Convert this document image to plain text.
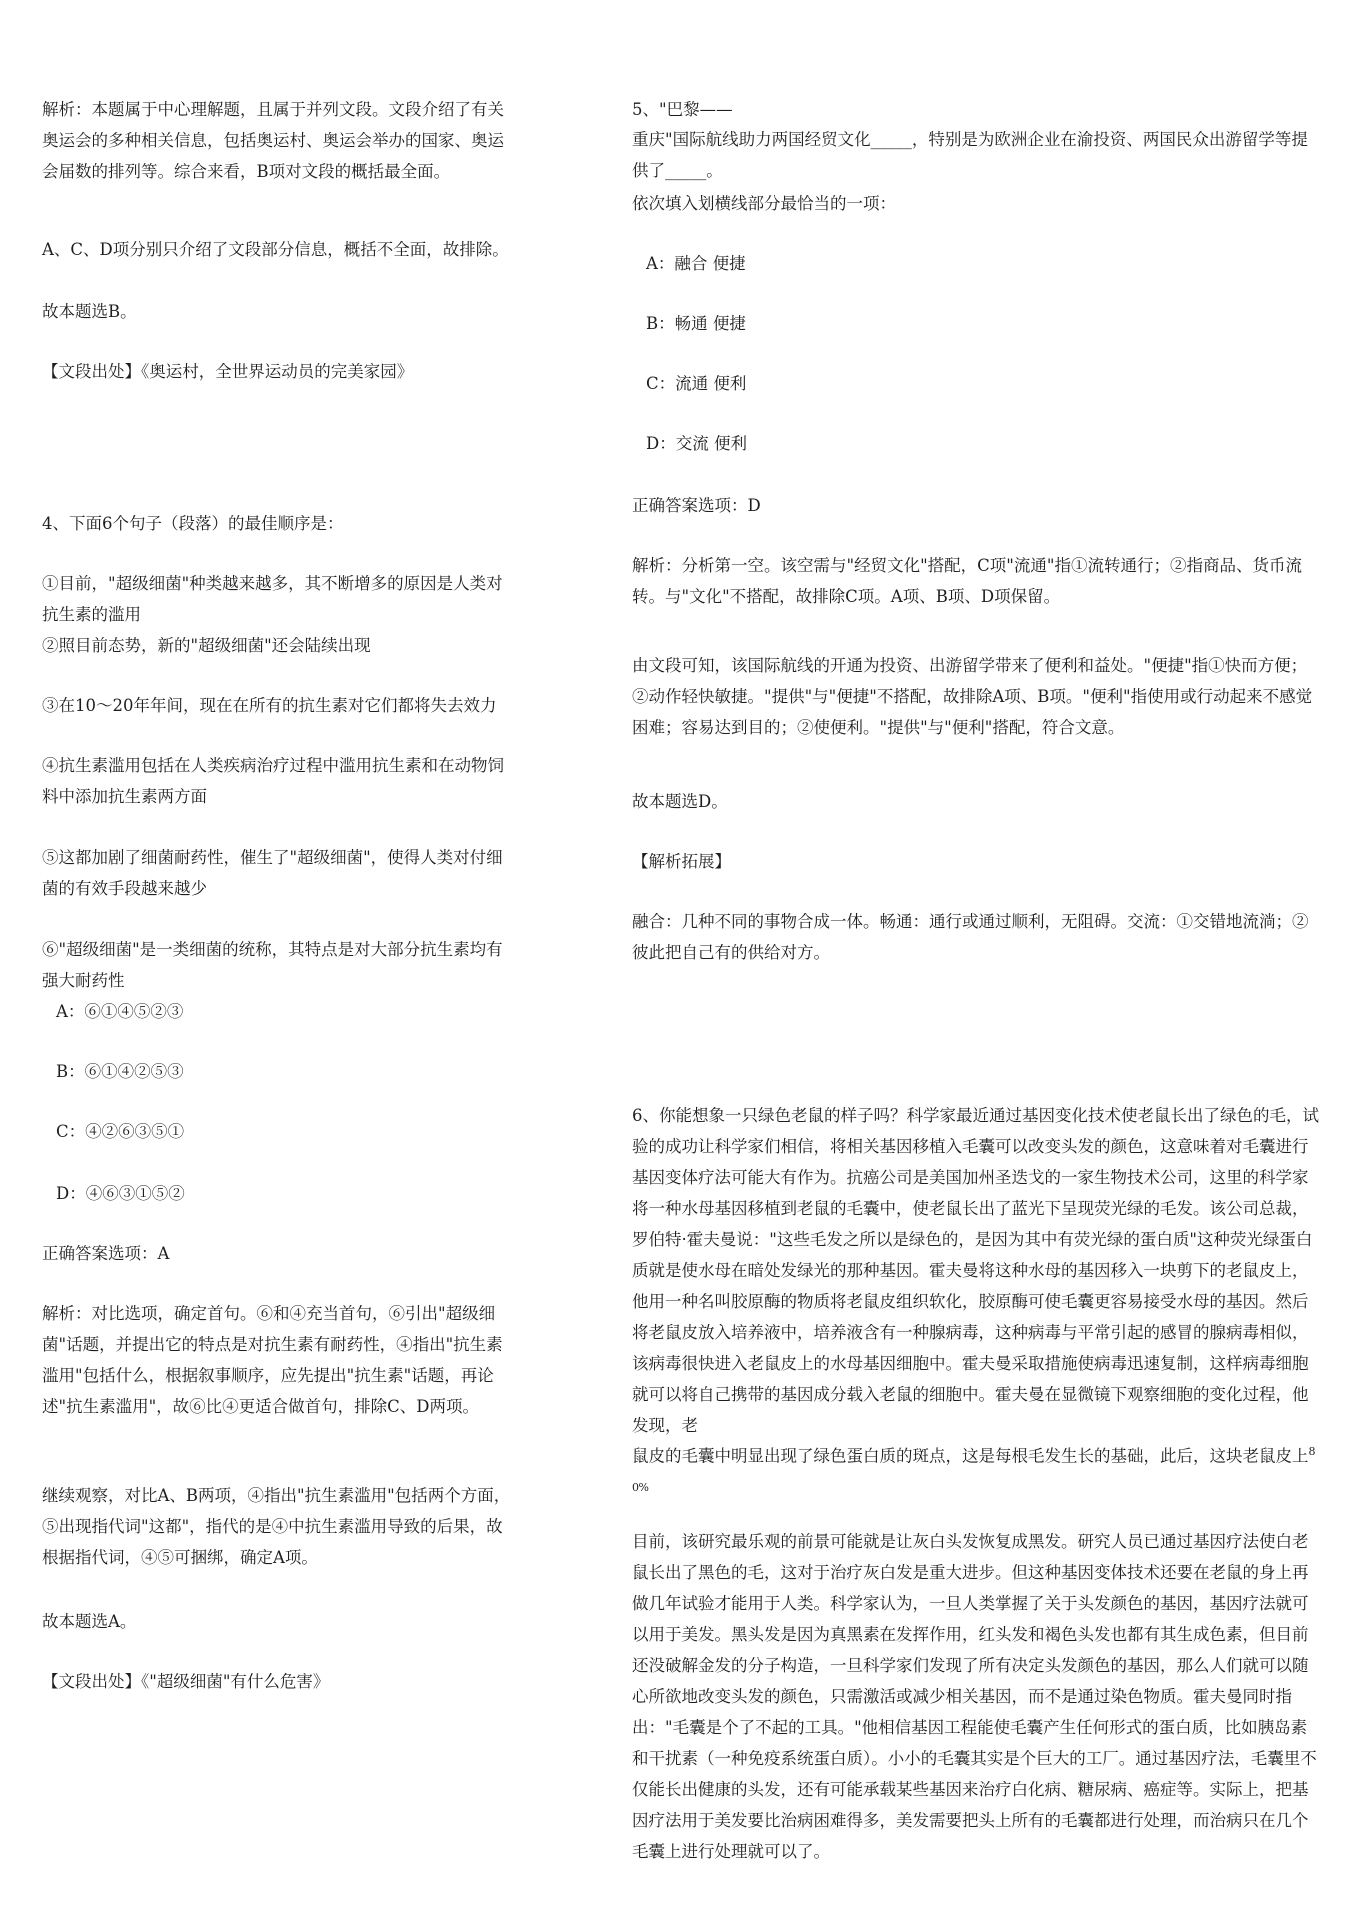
解析：本题属于中心理解题，且属于并列文段。文段介绍了有关奥运会的多种相关信息，包括奥运村、奥运会举办的国家、奥运会届数的排列等。综合来看，B项对文段的概括最全面。
A、C、D项分别只介绍了文段部分信息，概括不全面，故排除。
故本题选B。
【文段出处】《奥运村，全世界运动员的完美家园》
4、下面6个句子（段落）的最佳顺序是：
①目前，"超级细菌"种类越来越多，其不断增多的原因是人类对抗生素的滥用
②照目前态势，新的"超级细菌"还会陆续出现
③在10～20年年间，现在在所有的抗生素对它们都将失去效力
④抗生素滥用包括在人类疾病治疗过程中滥用抗生素和在动物饲料中添加抗生素两方面
⑤这都加剧了细菌耐药性，催生了"超级细菌"，使得人类对付细菌的有效手段越来越少
⑥"超级细菌"是一类细菌的统称，其特点是对大部分抗生素均有强大耐药性
A：⑥①④⑤②③
B：⑥①④②⑤③
C：④②⑥③⑤①
D：④⑥③①⑤②
正确答案选项：A
解析：对比选项，确定首句。⑥和④充当首句，⑥引出"超级细菌"话题，并提出它的特点是对抗生素有耐药性，④指出"抗生素滥用"包括什么，根据叙事顺序，应先提出"抗生素"话题，再论述"抗生素滥用"，故⑥比④更适合做首句，排除C、D两项。
继续观察，对比A、B两项，④指出"抗生素滥用"包括两个方面，⑤出现指代词"这都"，指代的是④中抗生素滥用导致的后果，故根据指代词，④⑤可捆绑，确定A项。
故本题选A。
【文段出处】《"超级细菌"有什么危害》
5、"巴黎——
重庆"国际航线助力两国经贸文化_____，特别是为欧洲企业在渝投资、两国民众出游留学等提供了_____。
依次填入划横线部分最恰当的一项：
A：融合 便捷
B：畅通 便捷
C：流通 便利
D：交流 便利
正确答案选项：D
解析：分析第一空。该空需与"经贸文化"搭配，C项"流通"指①流转通行；②指商品、货币流转。与"文化"不搭配，故排除C项。A项、B项、D项保留。
由文段可知，该国际航线的开通为投资、出游留学带来了便利和益处。"便捷"指①快而方便；②动作轻快敏捷。"提供"与"便捷"不搭配，故排除A项、B项。"便利"指使用或行动起来不感觉困难；容易达到目的；②使便利。"提供"与"便利"搭配，符合文意。
故本题选D。
【解析拓展】
融合：几种不同的事物合成一体。畅通：通行或通过顺利，无阻碍。交流：①交错地流淌；②彼此把自己有的供给对方。
6、你能想象一只绿色老鼠的样子吗？科学家最近通过基因变化技术使老鼠长出了绿色的毛，试验的成功让科学家们相信，将相关基因移植入毛囊可以改变头发的颜色，这意味着对毛囊进行基因变体疗法可能大有作为。抗癌公司是美国加州圣迭戈的一家生物技术公司，这里的科学家将一种水母基因移植到老鼠的毛囊中，使老鼠长出了蓝光下呈现荧光绿的毛发。该公司总裁，罗伯特·霍夫曼说："这些毛发之所以是绿色的，是因为其中有荧光绿的蛋白质"这种荧光绿蛋白质就是使水母在暗处发绿光的那种基因。霍夫曼将这种水母的基因移入一块剪下的老鼠皮上，他用一种名叫胶原酶的物质将老鼠皮组织软化，胶原酶可使毛囊更容易接受水母的基因。然后将老鼠皮放入培养液中，培养液含有一种腺病毒，这种病毒与平常引起的感冒的腺病毒相似，该病毒很快进入老鼠皮上的水母基因细胞中。霍夫曼采取措施使病毒迅速复制，这样病毒细胞就可以将自己携带的基因成分载入老鼠的细胞中。霍夫曼在显微镜下观察细胞的变化过程，他发现，老
鼠皮的毛囊中明显出现了绿色蛋白质的斑点，这是每根毛发生长的基础，此后，这块老鼠皮上$^{80\%}$
目前，该研究最乐观的前景可能就是让灰白头发恢复成黑发。研究人员已通过基因疗法使白老鼠长出了黑色的毛，这对于治疗灰白发是重大进步。但这种基因变体技术还要在老鼠的身上再做几年试验才能用于人类。科学家认为，一旦人类掌握了关于头发颜色的基因，基因疗法就可以用于美发。黑头发是因为真黑素在发挥作用，红头发和褐色头发也都有其生成色素，但目前还没破解金发的分子构造，一旦科学家们发现了所有决定头发颜色的基因，那么人们就可以随心所欲地改变头发的颜色，只需激活或减少相关基因，而不是通过染色物质。霍夫曼同时指出："毛囊是个了不起的工具。"他相信基因工程能使毛囊产生任何形式的蛋白质，比如胰岛素和干扰素（一种免疫系统蛋白质）。小小的毛囊其实是个巨大的工厂。通过基因疗法，毛囊里不仅能长出健康的头发，还有可能承载某些基因来治疗白化病、糖尿病、癌症等。实际上，把基因疗法用于美发要比治病困难得多，美发需要把头上所有的毛囊都进行处理，而治病只在几个毛囊上进行处理就可以了。
